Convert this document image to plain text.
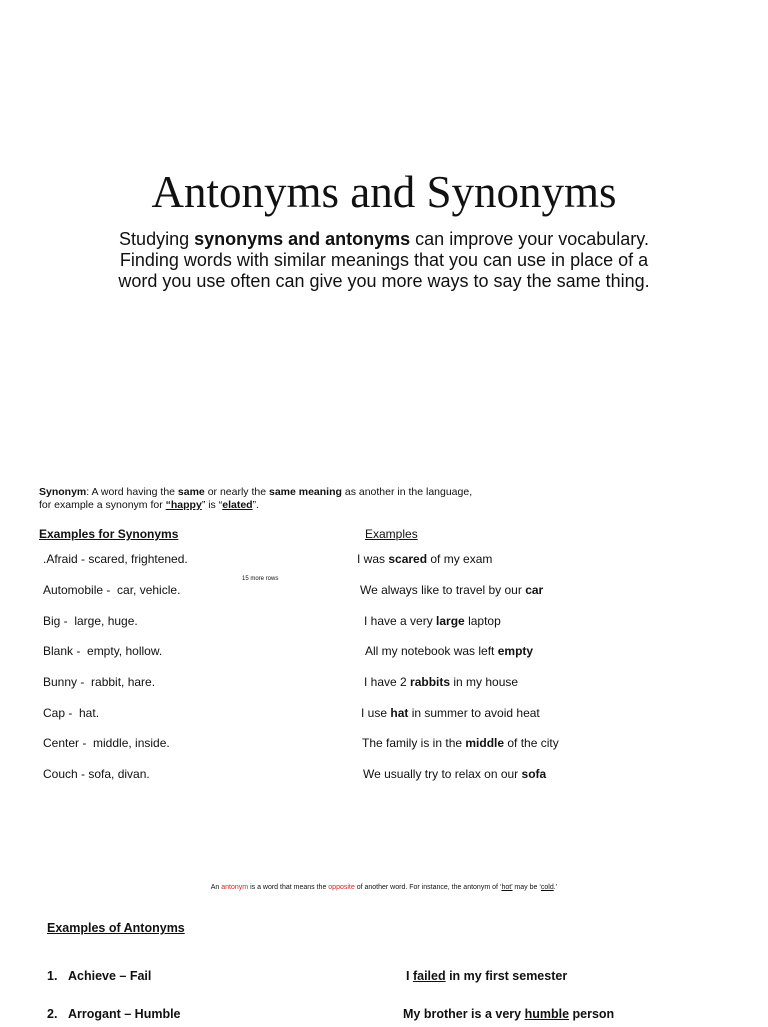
Antonyms and Synonyms

Studying synonyms and antonyms can improve your vocabulary. Finding words with similar meanings that you can use in place of a word you use often can give you more ways to say the same thing.

Synonym: A word having the same or nearly the same meaning as another in the language,
for example a synonym for “happy” is “elated”.

Examples for Synonyms	Examples
15 more rows
.Afraid - scared, frightened.	I was scared of my exam
Automobile -  car, vehicle.	We always like to travel by our car
Big -  large, huge.	I have a very large laptop
Blank -  empty, hollow.	All my notebook was left empty
Bunny -  rabbit, hare.	I have 2 rabbits in my house
Cap -  hat.	I use hat in summer to avoid heat
Center -  middle, inside.	The family is in the middle of the city
Couch - sofa, divan.	We usually try to relax on our sofa
An antonym is a word that means the opposite of another word. For instance, the antonym of ‘hot’ may be ‘cold.’
Examples of Antonyms
1. Achieve – Fail	I failed in my first semester
2. Arrogant – Humble	My brother is a very humble person
